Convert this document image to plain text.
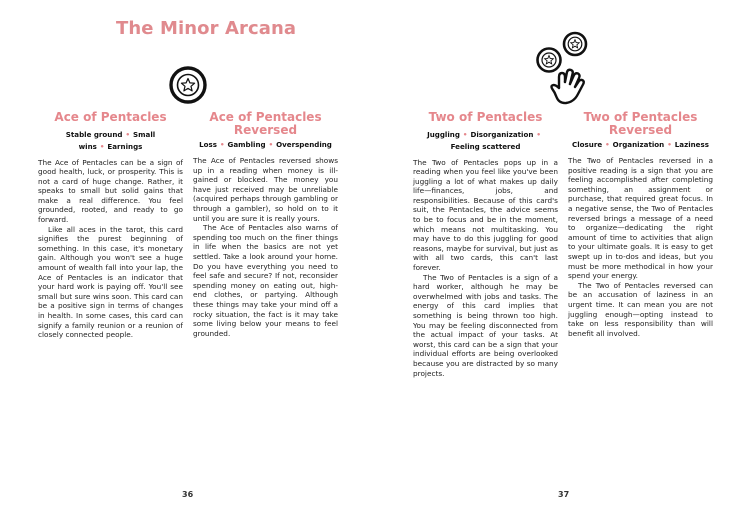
The Minor Arcana
Ace of Pentacles
Stable ground • Small wins • Earnings

The Ace of Pentacles can be a sign of good health, luck, or prosperity. This is not a card of huge change. Rather, it speaks to small but solid gains that make a real difference. You feel grounded, rooted, and ready to go forward.

Like all aces in the tarot, this card signifies the purest beginning of something. In this case, it's monetary gain. Although you won't see a huge amount of wealth fall into your lap, the Ace of Pentacles is an indicator that your hard work is paying off. You'll see small but sure wins soon. This card can be a positive sign in terms of changes in health. In some cases, this card can signify a family reunion or a reunion of closely connected people.

Ace of Pentacles
Reversed
Loss • Gambling • Overspending

The Ace of Pentacles reversed shows up in a reading when money is ill-gained or blocked. The money you have just received may be unreliable (acquired perhaps through gambling or through a gambler), so hold on to it until you are sure it is really yours.

The Ace of Pentacles also warns of spending too much on the finer things in life when the basics are not yet settled. Take a look around your home. Do you have everything you need to feel safe and secure? If not, reconsider spending money on eating out, high-end clothes, or partying. Although these things may take your mind off a rocky situation, the fact is it may take some living below your means to feel grounded.

36
Two of Pentacles
Juggling • Disorganization •
Feeling scattered

The Two of Pentacles pops up in a reading when you feel like you've been juggling a lot of what makes up daily life—finances, jobs, and responsibilities. Because of this card's suit, the Pentacles, the advice seems to be to focus and be in the moment, which means not multitasking. You may have to do this juggling for good reasons, maybe for survival, but just as with all two cards, this can't last forever.

The Two of Pentacles is a sign of a hard worker, although he may be overwhelmed with jobs and tasks. The energy of this card implies that something is being thrown too high. You may be feeling disconnected from the actual impact of your tasks. At worst, this card can be a sign that your individual efforts are being overlooked because you are distracted by so many projects.

Two of Pentacles
Reversed
Closure • Organization • Laziness

The Two of Pentacles reversed in a positive reading is a sign that you are feeling accomplished after completing something, an assignment or purchase, that required great focus. In a negative sense, the Two of Pentacles reversed brings a message of a need to organize—dedicating the right amount of time to activities that align to your ultimate goals. It is easy to get swept up in to-dos and ideas, but you must be more methodical in how your spend your energy.

The Two of Pentacles reversed can be an accusation of laziness in an urgent time. It can mean you are not juggling enough—opting instead to take on less responsibility than will benefit all involved.

37
